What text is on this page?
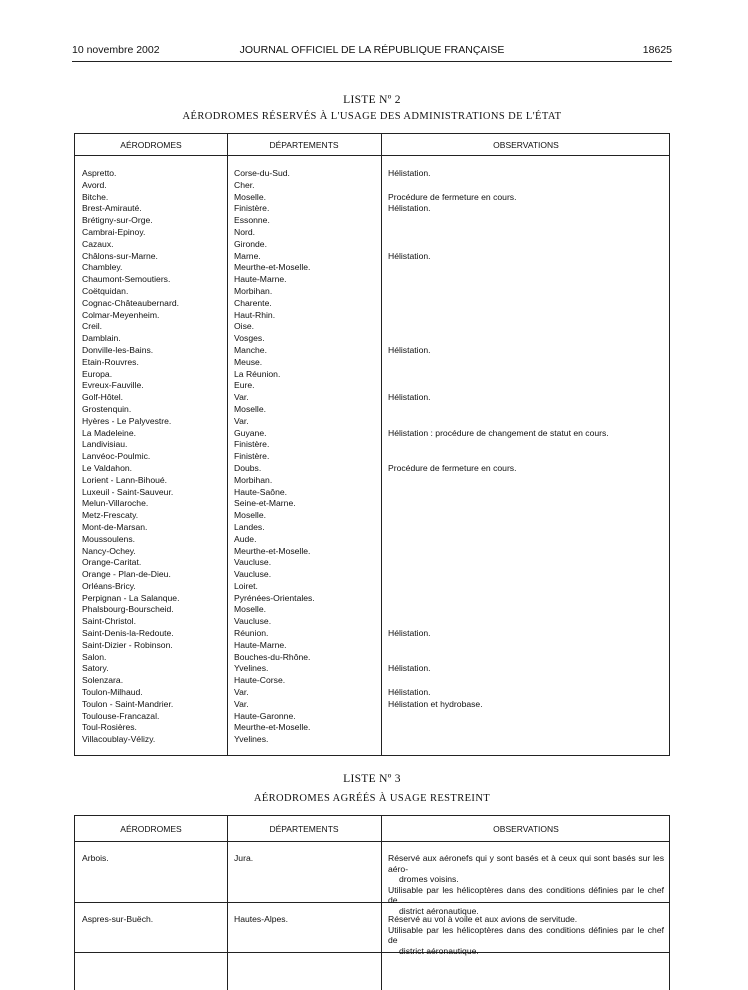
10 novembre 2002	JOURNAL OFFICIEL DE LA RÉPUBLIQUE FRANÇAISE	18625
LISTE Nº 2
AÉRODROMES RÉSERVÉS À L'USAGE DES ADMINISTRATIONS DE L'ÉTAT
AÉRODROMES	DÉPARTEMENTS	OBSERVATIONS
Aspretto.	Corse-du-Sud.	Hélistation.
Avord.	Cher.
Bitche.	Moselle.	Procédure de fermeture en cours.
Brest-Amirauté.	Finistère.	Hélistation.
Brétigny-sur-Orge.	Essonne.
Cambrai-Epinoy.	Nord.
Cazaux.	Gironde.
Châlons-sur-Marne.	Marne.	Hélistation.
Chambley.	Meurthe-et-Moselle.
Chaumont-Semoutiers.	Haute-Marne.
Coëtquidan.	Morbihan.
Cognac-Châteaubernard.	Charente.
Colmar-Meyenheim.	Haut-Rhin.
Creil.	Oise.
Damblain.	Vosges.
Donville-les-Bains.	Manche.	Hélistation.
Etain-Rouvres.	Meuse.
Europa.	La Réunion.
Evreux-Fauville.	Eure.
Golf-Hôtel.	Var.	Hélistation.
Grostenquin.	Moselle.
Hyères - Le Palyvestre.	Var.
La Madeleine.	Guyane.	Hélistation : procédure de changement de statut en cours.
Landivisiau.	Finistère.
Lanvéoc-Poulmic.	Finistère.
Le Valdahon.	Doubs.	Procédure de fermeture en cours.
Lorient - Lann-Bihoué.	Morbihan.
Luxeuil - Saint-Sauveur.	Haute-Saône.
Melun-Villaroche.	Seine-et-Marne.
Metz-Frescaty.	Moselle.
Mont-de-Marsan.	Landes.
Moussoulens.	Aude.
Nancy-Ochey.	Meurthe-et-Moselle.
Orange-Caritat.	Vaucluse.
Orange - Plan-de-Dieu.	Vaucluse.
Orléans-Bricy.	Loiret.
Perpignan - La Salanque.	Pyrénées-Orientales.
Phalsbourg-Bourscheid.	Moselle.
Saint-Christol.	Vaucluse.
Saint-Denis-la-Redoute.	Réunion.	Hélistation.
Saint-Dizier - Robinson.	Haute-Marne.
Salon.	Bouches-du-Rhône.
Satory.	Yvelines.	Hélistation.
Solenzara.	Haute-Corse.
Toulon-Milhaud.	Var.	Hélistation.
Toulon - Saint-Mandrier.	Var.	Hélistation et hydrobase.
Toulouse-Francazal.	Haute-Garonne.
Toul-Rosières.	Meurthe-et-Moselle.
Villacoublay-Vélizy.	Yvelines.
LISTE Nº 3
AÉRODROMES AGRÉÉS À USAGE RESTREINT
AÉRODROMES	DÉPARTEMENTS	OBSERVATIONS
Arbois.	Jura.	Réservé aux aéronefs qui y sont basés et à ceux qui sont basés sur les aéro-
dromes voisins.
Utilisable par les hélicoptères dans des conditions définies par le chef de
district aéronautique.
Aspres-sur-Buëch.	Hautes-Alpes.	Réservé au vol à voile et aux avions de servitude.
Utilisable par les hélicoptères dans des conditions définies par le chef de
district aéronautique.
